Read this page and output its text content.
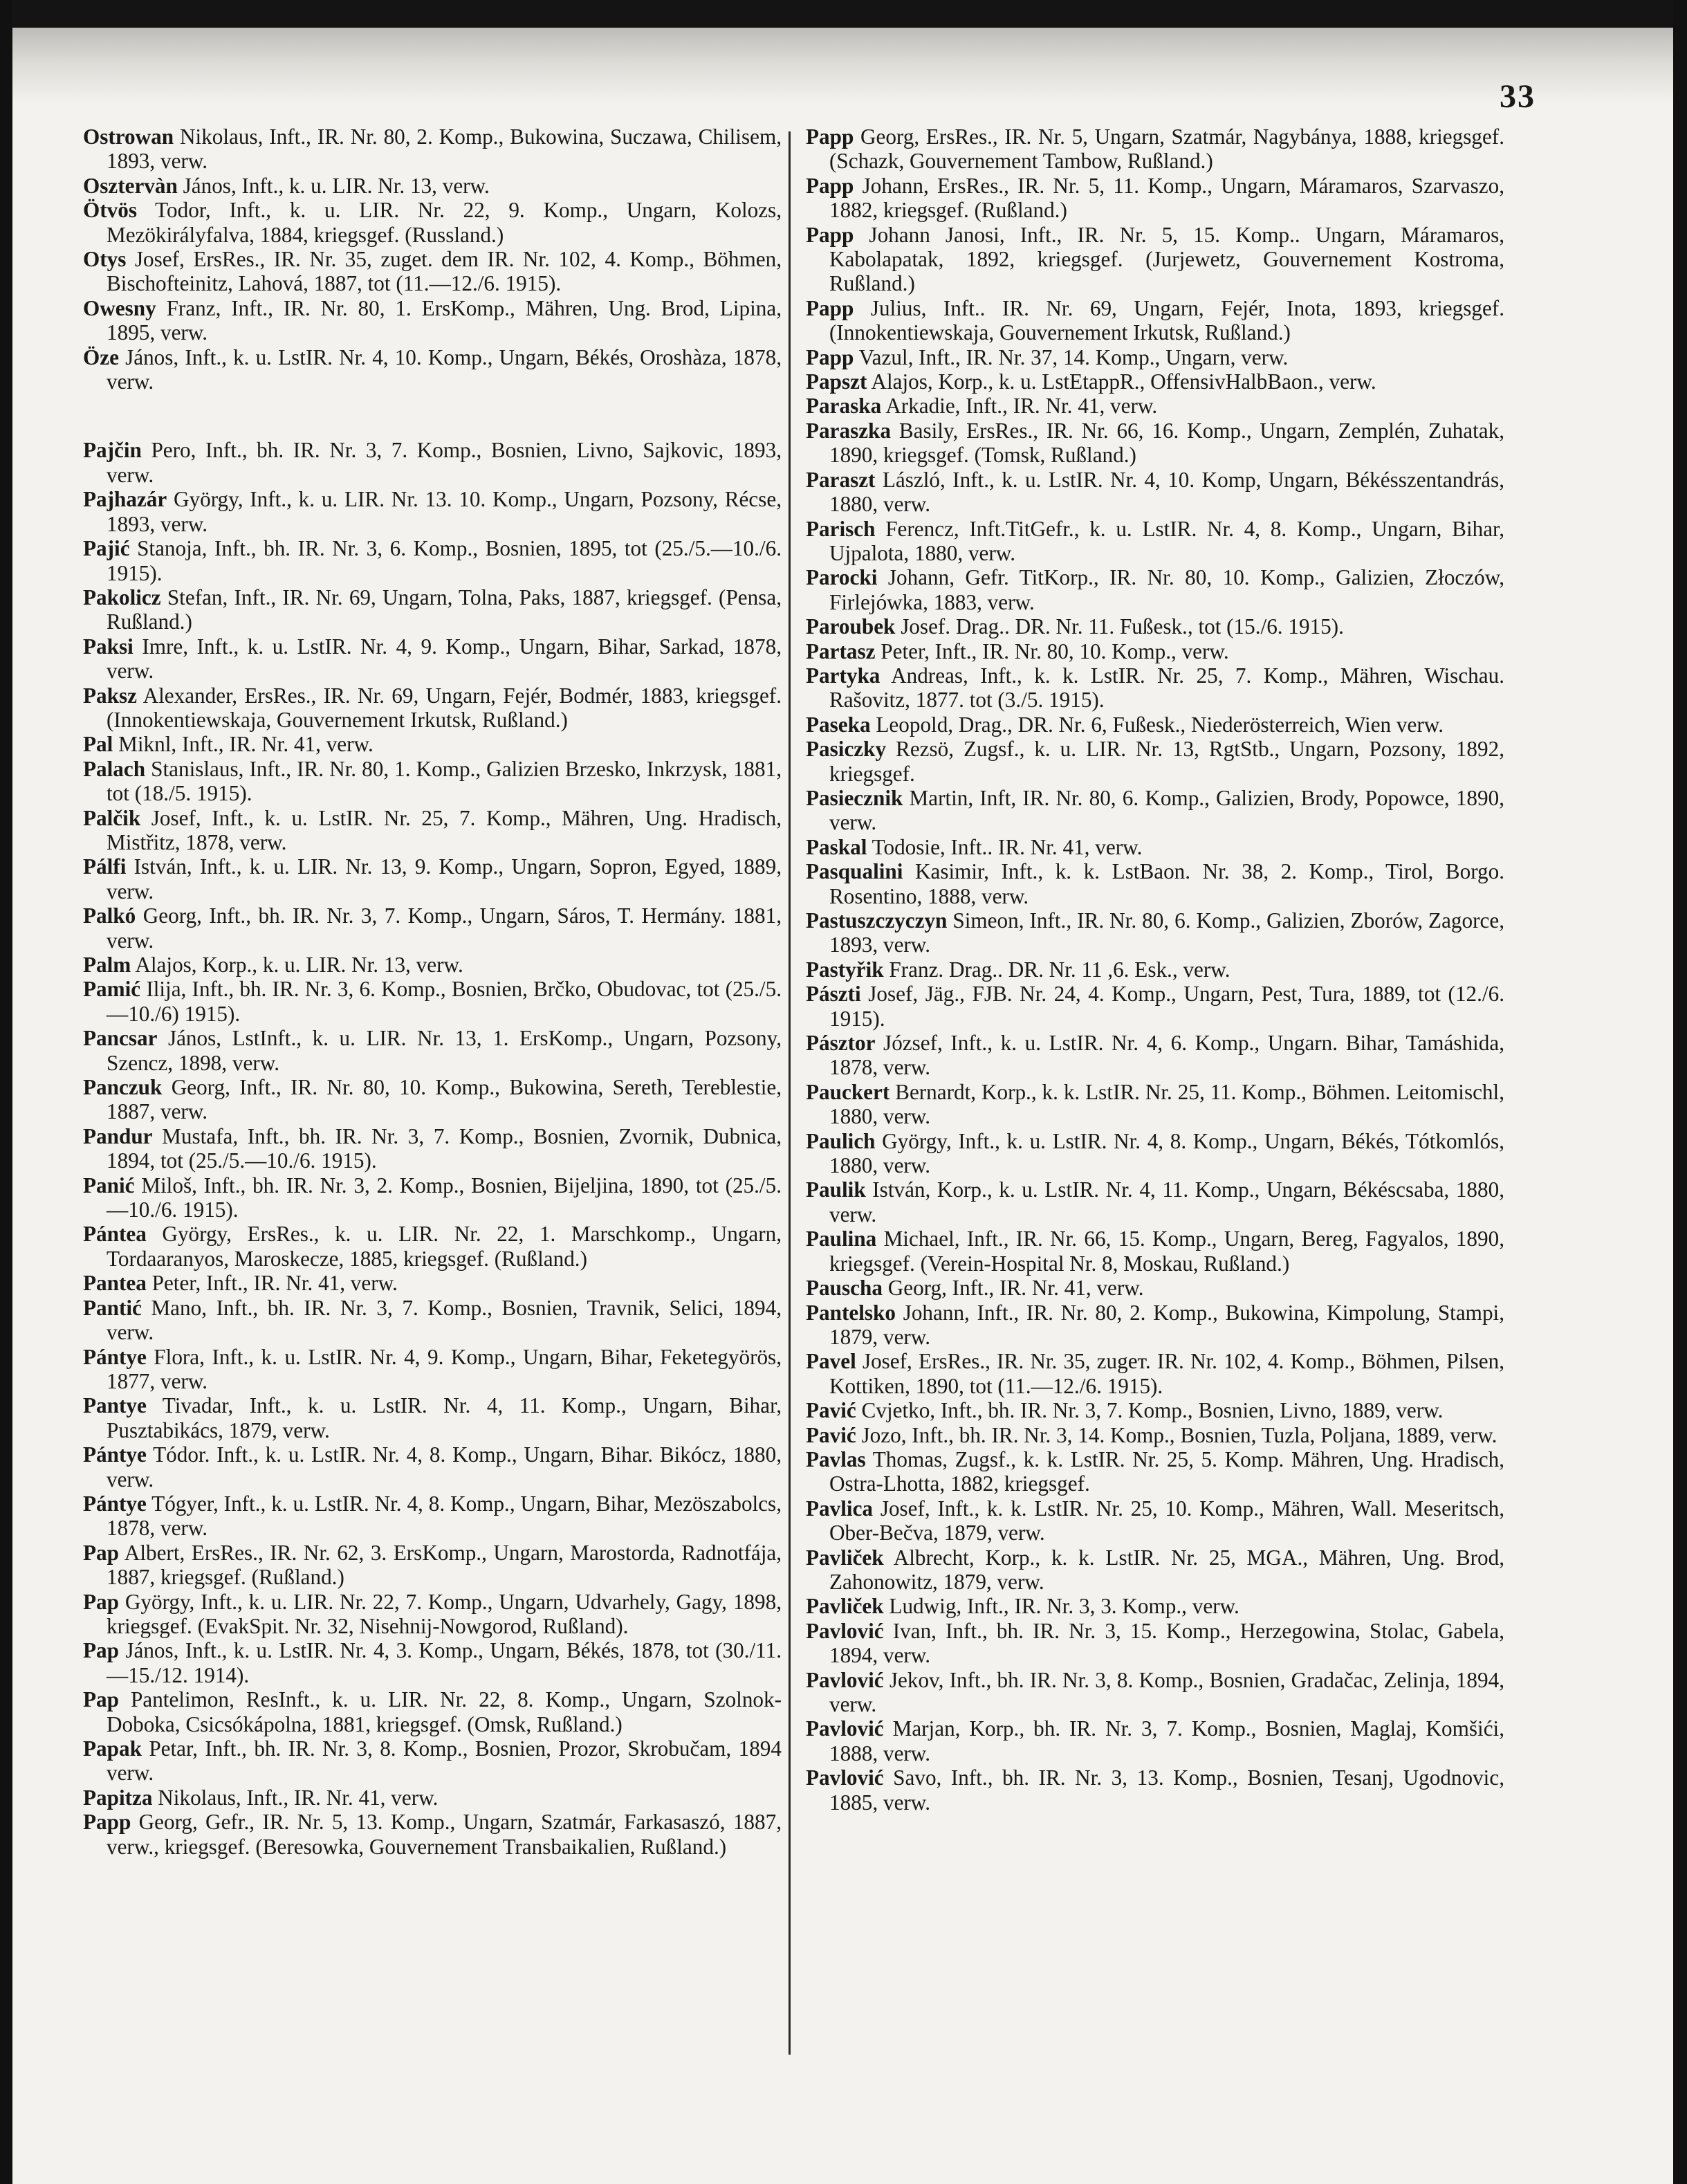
33

Ostrowan Nikolaus, Inft., IR. Nr. 80, 2. Komp., Bukowina, Suczawa, Chilisem, 1893, verw.

Osztervàn János, Inft., k. u. LIR. Nr. 13, verw.

Ötvös Todor, Inft., k. u. LIR. Nr. 22, 9. Komp., Ungarn, Kolozs, Mezökirályfalva, 1884, kriegsgef. (Russland.)

Otys Josef, ErsRes., IR. Nr. 35, zugеt. dem IR. Nr. 102, 4. Komp., Böhmen, Bischofteinitz, Lahová, 1887, tot (11.—12./6. 1915).

Owesny Franz, Inft., IR. Nr. 80, 1. ErsKomp., Mähren, Ung. Brod, Lipina, 1895, verw.

Öze János, Inft., k. u. LstIR. Nr. 4, 10. Komp., Ungarn, Békés, Oroshàza, 1878, verw.

Pajčin Pero, Inft., bh. IR. Nr. 3, 7. Komp., Bosnien, Livno, Sajkovic, 1893, verw.

Pajhazár György, Inft., k. u. LIR. Nr. 13. 10. Komp., Ungarn, Pozsony, Récse, 1893, verw.

Pajić Stanoja, Inft., bh. IR. Nr. 3, 6. Komp., Bosnien, 1895, tot (25./5.—10./6. 1915).

Pakolicz Stefan, Inft., IR. Nr. 69, Ungarn, Tolna, Paks, 1887, kriegsgef. (Pensa, Rußland.)

Paksi Imre, Inft., k. u. LstIR. Nr. 4, 9. Komp., Ungarn, Bihar, Sarkad, 1878, verw.

Paksz Alexander, ErsRes., IR. Nr. 69, Ungarn, Fejér, Bodmér, 1883, kriegsgef. (Innokentiewskaja, Gouvernement Irkutsk, Rußland.)

Pal Miknl, Inft., IR. Nr. 41, verw.

Palach Stanislaus, Inft., IR. Nr. 80, 1. Komp., Galizien Brzesko, Inkrzysk, 1881, tot (18./5. 1915).

Palčik Josef, Inft., k. u. LstIR. Nr. 25, 7. Komp., Mähren, Ung. Hradisch, Mistřitz, 1878, verw.

Pálfi István, Inft., k. u. LIR. Nr. 13, 9. Komp., Ungarn, Sopron, Egyed, 1889, verw.

Palkó Georg, Inft., bh. IR. Nr. 3, 7. Komp., Ungarn, Sáros, T. Hermány. 1881, verw.

Palm Alajos, Korp., k. u. LIR. Nr. 13, verw.

Pamić Ilija, Inft., bh. IR. Nr. 3, 6. Komp., Bosnien, Brčko, Obudovac, tot (25./5.—10./6) 1915).

Pancsar János, LstInft., k. u. LIR. Nr. 13, 1. ErsKomp., Ungarn, Pozsony, Szencz, 1898, verw.

Panczuk Georg, Inft., IR. Nr. 80, 10. Komp., Bukowina, Sereth, Tereblestie, 1887, verw.

Pandur Mustafa, Inft., bh. IR. Nr. 3, 7. Komp., Bosnien, Zvornik, Dubnica, 1894, tot (25./5.—10./6. 1915).

Panić Miloš, Inft., bh. IR. Nr. 3, 2. Komp., Bosnien, Bijeljina, 1890, tot (25./5.—10./6. 1915).

Pántea György, ErsRes., k. u. LIR. Nr. 22, 1. Marschkomp., Ungarn, Tordaaranyos, Maroskecze, 1885, kriegsgef. (Rußland.)

Pantea Peter, Inft., IR. Nr. 41, verw.

Pantić Mano, Inft., bh. IR. Nr. 3, 7. Komp., Bosnien, Travnik, Selici, 1894, verw.

Pántye Flora, Inft., k. u. LstIR. Nr. 4, 9. Komp., Ungarn, Bihar, Feketegyörös, 1877, verw.

Pantye Tivadar, Inft., k. u. LstIR. Nr. 4, 11. Komp., Ungarn, Bihar, Pusztabikács, 1879, verw.

Pántye Tódor. Inft., k. u. LstIR. Nr. 4, 8. Komp., Ungarn, Bihar. Bikócz, 1880, verw.

Pántye Tógyer, Inft., k. u. LstIR. Nr. 4, 8. Komp., Ungarn, Bihar, Mezöszabolcs, 1878, verw.

Pap Albert, ErsRes., IR. Nr. 62, 3. ErsKomp., Ungarn, Marostorda, Radnotfája, 1887, kriegsgef. (Rußland.)

Pap György, Inft., k. u. LIR. Nr. 22, 7. Komp., Ungarn, Udvarhely, Gagy, 1898, kriegsgef. (EvakSpit. Nr. 32, Nisehnij-Nowgorod, Rußland).

Pap János, Inft., k. u. LstIR. Nr. 4, 3. Komp., Ungarn, Békés, 1878, tot (30./11.—15./12. 1914).

Pap Pantelimon, ResInft., k. u. LIR. Nr. 22, 8. Komp., Ungarn, Szolnok-Doboka, Csicsókápolna, 1881, kriegsgef. (Omsk, Rußland.)

Papak Petar, Inft., bh. IR. Nr. 3, 8. Komp., Bosnien, Prozor, Skrobučam, 1894 verw.

Papitza Nikolaus, Inft., IR. Nr. 41, verw.

Papp Georg, Gefr., IR. Nr. 5, 13. Komp., Ungarn, Szatmár, Farkasaszó, 1887, verw., kriegsgef. (Beresowka, Gouvernement Transbaikalien, Rußland.)

Papp Georg, ErsRes., IR. Nr. 5, Ungarn, Szatmár, Nagybánya, 1888, kriegsgef. (Schazk, Gouvernement Tambow, Rußland.)

Papp Johann, ErsRes., IR. Nr. 5, 11. Komp., Ungarn, Máramaros, Szarvaszo, 1882, kriegsgef. (Rußland.)

Papp Johann Janosi, Inft., IR. Nr. 5, 15. Komp.. Ungarn, Máramaros, Kabolapatak, 1892, kriegsgef. (Jurjewetz, Gouvernement Kostroma, Rußland.)

Papp Julius, Inft.. IR. Nr. 69, Ungarn, Fejér, Inota, 1893, kriegsgef. (Innokentiewskaja, Gouvernement Irkutsk, Rußland.)

Papp Vazul, Inft., IR. Nr. 37, 14. Komp., Ungarn, verw.

Papszt Alajos, Korp., k. u. LstEtappR., OffensivHalbBaon., verw.

Paraska Arkadie, Inft., IR. Nr. 41, verw.

Paraszka Basily, ErsRes., IR. Nr. 66, 16. Komp., Ungarn, Zemplén, Zuhatak, 1890, kriegsgef. (Tomsk, Rußland.)

Paraszt László, Inft., k. u. LstIR. Nr. 4, 10. Komp, Ungarn, Békésszentandrás, 1880, verw.

Parisch Ferencz, Inft.TitGefr., k. u. LstIR. Nr. 4, 8. Komp., Ungarn, Bihar, Ujpalota, 1880, verw.

Parocki Johann, Gefr. TitKorp., IR. Nr. 80, 10. Komp., Galizien, Złoczów, Firlejówka, 1883, verw.

Paroubek Josef. Drag.. DR. Nr. 11. Fußesk., tot (15./6. 1915).

Partasz Peter, Inft., IR. Nr. 80, 10. Komp., verw.

Partyka Andreas, Inft., k. k. LstIR. Nr. 25, 7. Komp., Mähren, Wischau. Rašovitz, 1877. tot (3./5. 1915).

Paseka Leopold, Drag., DR. Nr. 6, Fußesk., Niederösterreich, Wien verw.

Pasiczky Rezsö, Zugsf., k. u. LIR. Nr. 13, RgtStb., Ungarn, Pozsony, 1892, kriegsgef.

Pasiecznik Martin, Inft, IR. Nr. 80, 6. Komp., Galizien, Brody, Popowce, 1890, verw.

Paskal Todosie, Inft.. IR. Nr. 41, verw.

Pasqualini Kasimir, Inft., k. k. LstBaon. Nr. 38, 2. Komp., Tirol, Borgo. Rosentino, 1888, verw.

Pastuszczyczyn Simeon, Inft., IR. Nr. 80, 6. Komp., Galizien, Zborów, Zagorce, 1893, verw.

Pastyřik Franz. Drag.. DR. Nr. 11 ,6. Esk., verw.

Pászti Josef, Jäg., FJB. Nr. 24, 4. Komp., Ungarn, Pest, Tura, 1889, tot (12./6. 1915).

Pásztor József, Inft., k. u. LstIR. Nr. 4, 6. Komp., Ungarn. Bihar, Tamáshida, 1878, verw.

Pauckert Bernardt, Korp., k. k. LstIR. Nr. 25, 11. Komp., Böhmen. Leitomischl, 1880, verw.

Paulich György, Inft., k. u. LstIR. Nr. 4, 8. Komp., Ungarn, Békés, Tótkomlós, 1880, verw.

Paulik István, Korp., k. u. LstIR. Nr. 4, 11. Komp., Ungarn, Békéscsaba, 1880, verw.

Paulina Michael, Inft., IR. Nr. 66, 15. Komp., Ungarn, Bereg, Fagyalos, 1890, kriegsgef. (Verein-Hospital Nr. 8, Moskau, Rußland.)

Pauscha Georg, Inft., IR. Nr. 41, verw.

Pantelsko Johann, Inft., IR. Nr. 80, 2. Komp., Bukowina, Kimpolung, Stampi, 1879, verw.

Pavel Josef, ErsRes., IR. Nr. 35, zugeт. IR. Nr. 102, 4. Komp., Böhmen, Pilsen, Kottiken, 1890, tot (11.—12./6. 1915).

Pavić Cvjetko, Inft., bh. IR. Nr. 3, 7. Komp., Bosnien, Livno, 1889, verw.

Pavić Jozo, Inft., bh. IR. Nr. 3, 14. Komp., Bosnien, Tuzla, Poljana, 1889, verw.

Pavlas Thomas, Zugsf., k. k. LstIR. Nr. 25, 5. Komp. Mähren, Ung. Hradisch, Ostra-Lhotta, 1882, kriegsgef.

Pavlica Josef, Inft., k. k. LstIR. Nr. 25, 10. Komp., Mähren, Wall. Meseritsch, Ober-Bečva, 1879, verw.

Pavliček Albrecht, Korp., k. k. LstIR. Nr. 25, MGA., Mähren, Ung. Brod, Zahonowitz, 1879, verw.

Pavliček Ludwig, Inft., IR. Nr. 3, 3. Komp., verw.

Pavlović Ivan, Inft., bh. IR. Nr. 3, 15. Komp., Herzegowina, Stolac, Gabela, 1894, verw.

Pavlović Jekov, Inft., bh. IR. Nr. 3, 8. Komp., Bosnien, Gradačac, Zelinja, 1894, verw.

Pavlović Marjan, Korp., bh. IR. Nr. 3, 7. Komp., Bosnien, Maglaj, Komšići, 1888, verw.

Pavlović Savo, Inft., bh. IR. Nr. 3, 13. Komp., Bosnien, Tesanj, Ugodnovic, 1885, verw.
